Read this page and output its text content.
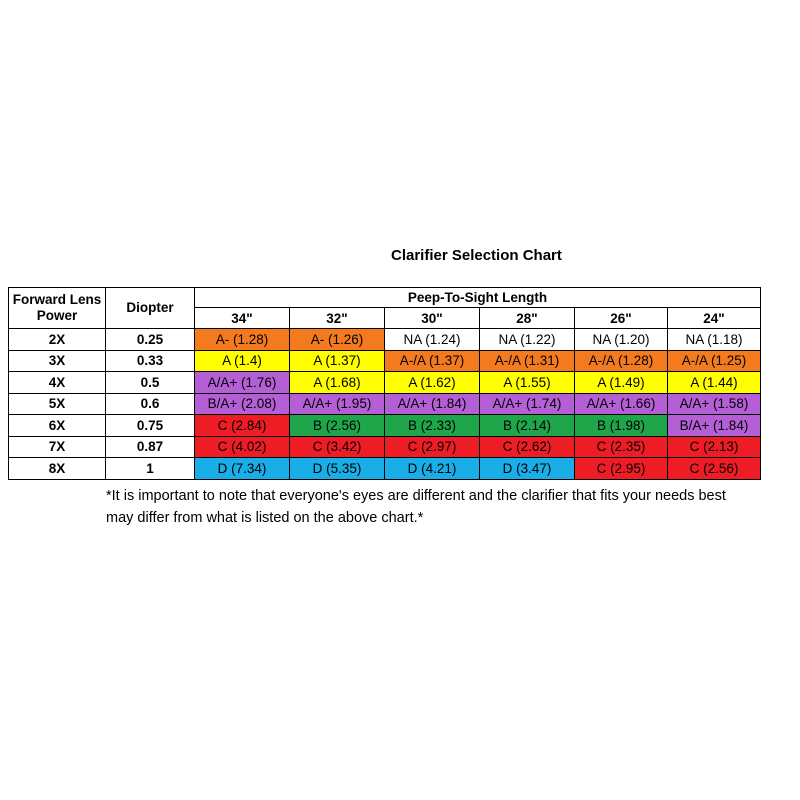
Clarifier Selection Chart
Forward Lens Power	Diopter	Peep-To-Sight Length					
		34"	32"	30"	28"	26"	24"
2X	0.25	A- (1.28)	A- (1.26)	NA (1.24)	NA (1.22)	NA (1.20)	NA (1.18)
3X	0.33	A (1.4)	A (1.37)	A-/A (1.37)	A-/A (1.31)	A-/A (1.28)	A-/A (1.25)
4X	0.5	A/A+ (1.76)	A (1.68)	A (1.62)	A (1.55)	A (1.49)	A (1.44)
5X	0.6	B/A+ (2.08)	A/A+ (1.95)	A/A+ (1.84)	A/A+ (1.74)	A/A+ (1.66)	A/A+ (1.58)
6X	0.75	C (2.84)	B (2.56)	B (2.33)	B (2.14)	B (1.98)	B/A+ (1.84)
7X	0.87	C (4.02)	C (3.42)	C (2.97)	C (2.62)	C (2.35)	C (2.13)
8X	1	D (7.34)	D (5.35)	D (4.21)	D (3.47)	C (2.95)	C (2.56)
*It is important to note that everyone's eyes are different and the clarifier that fits your needs best may differ from what is listed on the above chart.*
